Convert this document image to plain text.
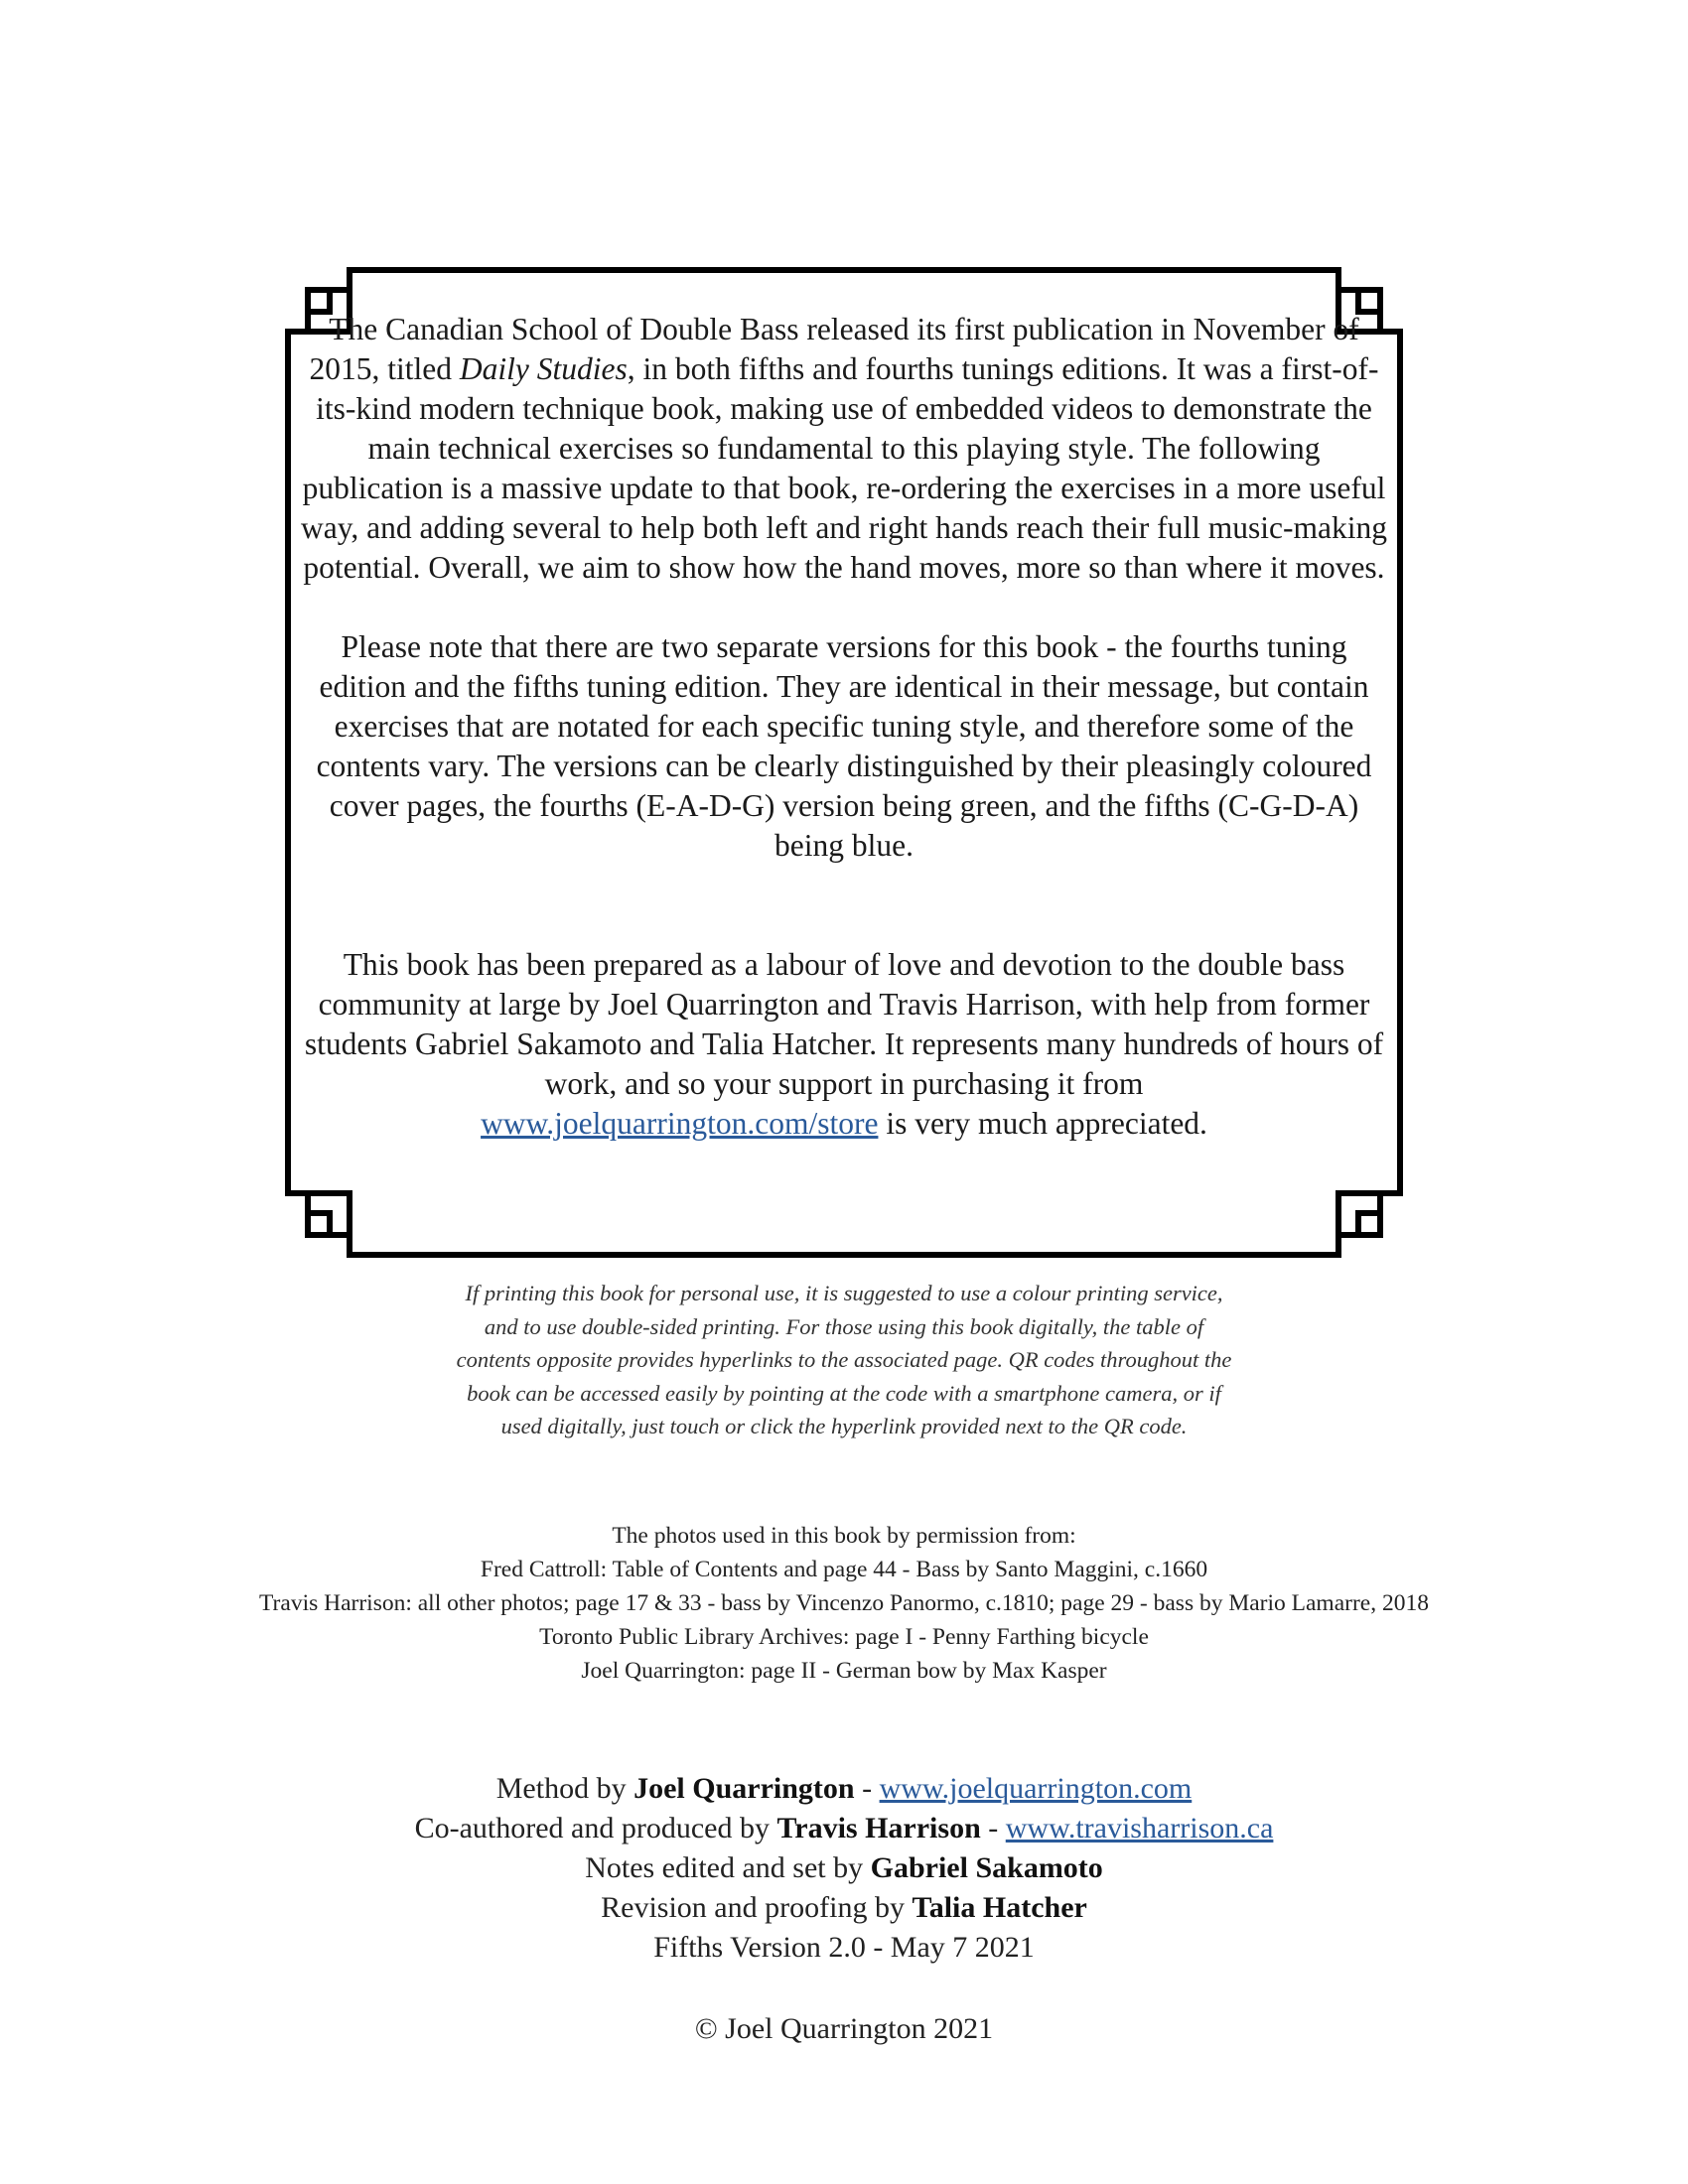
The Canadian School of Double Bass released its first publication in November of 2015, titled Daily Studies, in both fifths and fourths tunings editions. It was a first-of-its-kind modern technique book, making use of embedded videos to demonstrate the main technical exercises so fundamental to this playing style. The following publication is a massive update to that book, re-ordering the exercises in a more useful way, and adding several to help both left and right hands reach their full music-making potential. Overall, we aim to show how the hand moves, more so than where it moves.

Please note that there are two separate versions for this book - the fourths tuning edition and the fifths tuning edition. They are identical in their message, but contain exercises that are notated for each specific tuning style, and therefore some of the contents vary. The versions can be clearly distinguished by their pleasingly coloured cover pages, the fourths (E-A-D-G) version being green, and the fifths (C-G-D-A) being blue.

This book has been prepared as a labour of love and devotion to the double bass community at large by Joel Quarrington and Travis Harrison, with help from former students Gabriel Sakamoto and Talia Hatcher. It represents many hundreds of hours of work, and so your support in purchasing it from
www.joelquarrington.com/store is very much appreciated.

If printing this book for personal use, it is suggested to use a colour printing service,
and to use double-sided printing. For those using this book digitally, the table of
contents opposite provides hyperlinks to the associated page. QR codes throughout the
book can be accessed easily by pointing at the code with a smartphone camera, or if
used digitally, just touch or click the hyperlink provided next to the QR code.
The photos used in this book by permission from:
Fred Cattroll: Table of Contents and page 44 - Bass by Santo Maggini, c.1660
Travis Harrison: all other photos; page 17 & 33 - bass by Vincenzo Panormo, c.1810; page 29 - bass by Mario Lamarre, 2018
Toronto Public Library Archives: page I - Penny Farthing bicycle
Joel Quarrington: page II - German bow by Max Kasper
Method by Joel Quarrington - www.joelquarrington.com
Co-authored and produced by Travis Harrison - www.travisharrison.ca
Notes edited and set by Gabriel Sakamoto
Revision and proofing by Talia Hatcher
Fifths Version 2.0 - May 7 2021
© Joel Quarrington 2021
